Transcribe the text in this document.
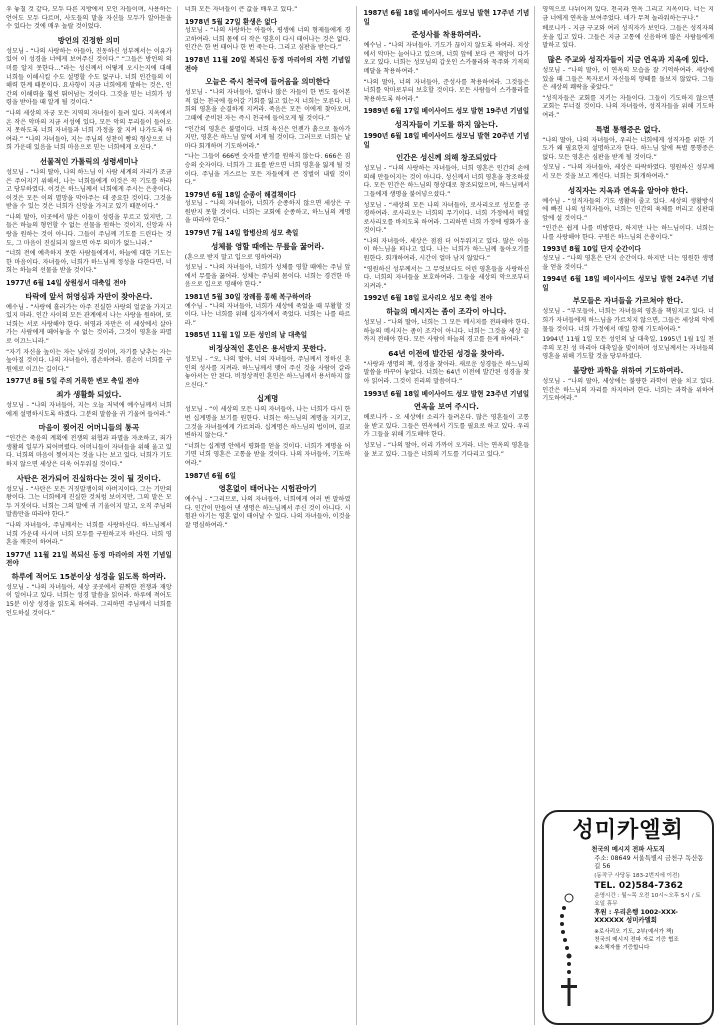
우 놓칠 것 같다, 모두 다른 지방에서 모인 자들이며, 사용하는 언어도 모두 다르며, 사도들의 말을 자신들 모두가 알아듣을 수 있다는 것에 매우 놀랄 것이었다.
방언의 진정한 의미
성모님 - “나의 사랑하는 아들아, 진동하신 성부께서는 이유가 있어 이 성경을 너에게 보여주신 것이다.” “그들은 방언의 의미를 알지 못한다…”라는 성신께서 어떻게 오시는지에 대해 너희들 이해시킬 수도 설명할 수도 없구나. 너희 인간들의 이해력 한계 때문이다. 요사항이 지금 너희에게 말하는 것은, 인간의 이해력을 훨씬 뛰어넘는 것이다. 그것을 믿는 너희가 성령을 받아들 때 알게 될 것이다.”
“나의 세상의 자궁 모든 지역의 자녀들이 들려 있다. 지옥에서 온 작은 악마의 지금 서성에 있다, 모든 악의 무리들이 들어오지 못하도록 너희 자녀들과 너희 가정을 잘 지켜 나가도록 하여라.” “나의 자녀들아, 지는 주님의 성찬이 빵의 형상으로 너희 가운데 있음을 너희 마음으로 믿는 너희에게 오신다.”
선물적인 가톨릭의 성령세미나
성모님 - “나의 딸아, 나의 하느님 이 사람 세계의 자리가 조금은 주어지기 위해서, 나는 너희들에게 이것은 꼭 기도를 하라고 당부하였다. 이것은 하느님께서 너희에게 주시는 은총이다. 이것은 모든 이의 멸망을 막아주는 데 중요한 것이다. 그것을 받을 수 있는 것은 너희가 신앙을 가지고 있기 때문이다.”
“나의 딸아, 이곳에서 많은 이들이 성령을 부르고 있지만, 그들은 하늘의 형언할 수 없는 선물을 원하는 것이지, 신앙과 사랑을 원하는 것이 아니다. 그들이 주님께 기도를 드린다는 것도, 그 마음이 진실되지 않으면 아무 의미가 없느니라.”
“너희 전에 예측하지 못한 사람들에게서, 하늘에 대한 기도는 한 마음이다. 자녀들아, 너희가 하느님께 정성을 다한다면, 너희는 하늘의 선물을 받을 것이다.”
1977년 6월 14일 상원성서 대축일 전야
타락에 앞서 허영심과 자만이 찾아온다.
예수님 - “사랑에 흘러가는 아주 진실한 사랑의 얼굴을 가지고 있지 마라. 인간 사이의 모든 관계에서 나는 사랑을 원하며, 또 너희는 서로 사랑해야 한다. 허영과 자만은 이 세상에서 살아가는 사람에게 떼어놓을 수 없는 것이라, 그것이 영혼을 파멸로 이끄느니라.”
“자기 자신을 높이는 자는 낮아질 것이며, 자기를 낮추는 자는 높아질 것이다. 나의 자녀들아, 겸손하여라. 겸손이 너희를 구원에로 이끄는 길이다.”
1977년 8월 5일 주의 거룩한 변모 축일 전야
죄가 생활화 되었다.
성모님 - “나의 자녀들아, 지는 오늘 저녁에 예수님께서 너희에게 설명하시도록 하겠다. 그분의 말씀을 귀 기울여 들어라.”
마음이 찢어진 어머니들의 통곡
“인간은 죽음의 계획에 전쟁의 위협과 파멸을 자초하고, 죄가 생활의 일부가 되어버렸다. 어머니들이 자녀들을 위해 울고 있다. 너희의 마음이 찢어지는 것을 나는 보고 있다. 너희가 기도하지 않으면 세상은 더욱 어두워질 것이다.”
사탄은 전가되어 진실하다는 것이 될 것이다.
성모님 - “사탄은 모든 거짓말쟁이의 아버지이다. 그는 기만의 왕이다. 그는 너희에게 진실한 것처럼 보이지만, 그의 말은 모두 거짓이다. 너희는 그의 말에 귀 기울이지 말고, 오직 주님의 말씀만을 따라야 한다.”
“나의 자녀들아, 주님께서는 너희를 사랑하신다. 하느님께서 너희 가운데 사시며 너희 모두를 구원하고자 하신다. 너희 영혼을 깨끗이 하여라.”
1977년 11월 21일 복되신 동정 마리아의 자헌 기념일 전야
하루에 적어도 15분이상 성경을 읽도록 하여라.
성모님 - “나의 자녀들아, 세상 곳곳에서 끔찍한 전쟁과 재앙이 일어나고 있다. 너희는 성경 말씀을 읽어라. 하루에 적어도 15분 이상 성경을 읽도록 하여라. 그리하면 주님께서 너희를 인도하실 것이다.”
너희 모든 자녀들이 큰 값을 배우고 있다.”
1978년 5월 27일 환생은 없다
성모님 - “나의 사랑하는 아들아, 평생에 너의 형제들에게 경고하여라. 너희 몸에 더 작은 영혼이 다시 태어나는 것은 없다. 인간은 한 번 태어나 한 번 죽는다. 그리고 심판을 받는다.”
1978년 11월 20일 복되신 동정 마리아의 자헌 기념일 전야
오늘은 즉시 천국에 들어옴을 의미한다
성모님 - “나의 자녀들아, 얼마나 많은 자들이 한 번도 들어본 적 없는 천국에 들어갈 기회를 잃고 있는지 너희는 모른다. 너희의 영혼을 순결하게 지켜라. 죽음은 모든 이에게 찾아오며, 그때에 준비된 자는 즉시 천국에 들어오게 될 것이다.”
“인간의 영혼은 불멸이다. 너희 육신은 언젠가 흙으로 돌아가지만, 영혼은 하느님 앞에 서게 될 것이다. 그러므로 너희는 날마다 회개하며 기도하여라.”
“나는 그들이 666번 숫자를 받기를 원하지 않는다. 666은 짐승의 숫자이다. 너희가 그 표를 받으면 너희 영혼을 잃게 될 것이다. 주님을 거스르는 모든 자들에게 큰 징벌이 내릴 것이다.”
1979년 6월 18일 순종이 해결책이다
성모님 - “나의 자녀들아, 너희가 순종하지 않으면 세상은 구원받지 못할 것이다. 너희는 교회에 순종하고, 하느님의 계명을 따라야 한다.”
1979년 7월 14일 합병산의 성모 축일
성체를 영할 때에는 무릎을 꿇어라.
(혼으로 받지 말고 입으로 영하여라)
성모님 - “나의 자녀들아, 너희가 성체를 영할 때에는 주님 앞에서 무릎을 꿇어라. 성체는 주님의 몸이다. 너희는 경건한 마음으로 입으로 영해야 한다.”
1981년 5월 30일 장례를 통해 복구하여라
예수님 - “나의 자녀들아, 너희가 세상에 죽었을 때 부활할 것이다. 나는 너희를 위해 십자가에서 죽었다. 너희는 나를 따르라.”
1985년 11월 1일 모든 성인의 날 대축일
비정상적인 혼인은 용서받지 못한다.
성모님 - “오, 나의 딸아, 너의 자녀들아, 주님께서 정하신 혼인의 성사를 지켜라. 하느님께서 맺어 주신 것을 사람이 갈라놓아서는 안 된다. 비정상적인 혼인은 하느님께서 용서하지 않으신다.”
십계명
성모님 - “이 세상의 모든 나의 자녀들아, 나는 너희가 다시 한번 십계명을 보기를 원한다. 너희는 하느님의 계명을 지키고, 그것을 자녀들에게 가르쳐라. 십계명은 하느님의 법이며, 결코 변하지 않는다.”
“너희는 십계명 안에서 평화를 얻을 것이다. 너희가 계명을 어기면 너희 영혼은 고통을 받을 것이다. 나의 자녀들아, 기도하여라.”
1987년 6월 6일
영혼없이 태어나는 시험관아기
예수님 - “그리므로, 나의 자녀들아, 너희에게 여러 번 말하였다. 인간이 만들어 낸 생명은 하느님께서 주신 것이 아니다. 시험관 아기는 영혼 없이 태어날 수 있다. 나의 자녀들아, 이것을 잘 명심하여라.”
1987년 6월 18일 베이사이드 성모님 발현 17주년 기념일
준성사를 착용하여라.
예수님 - “나의 자녀들아. 기도가 끊이지 않도록 하여라. 지상에서 악마는 늘어나고 있으며, 너희 앞에 보다 큰 재앙이 다가오고 있다. 너희는 성모님의 갑옷인 스카풀라와 묵주와 기적의 메달을 착용하여라.”
“나의 딸아, 너의 자녀들아, 준성사를 착용하여라. 그것들은 너희를 악마로부터 보호할 것이다. 모든 사람들이 스카풀라를 착용하도록 하여라.”
1989년 6월 17일 베이사이드 성모 발현 19주년 기념일
성직자들이 기도를 하지 않는다.
1990년 6월 18일 베이사이드 성모님 발현 20주년 기념일
인간은 성신께 의해 창조되었다
성모님 - “나의 사랑하는 자녀들아, 너희 영혼은 인간의 손에 의해 만들어지는 것이 아니다. 성신께서 너희 영혼을 창조하셨다. 모든 인간은 하느님의 형상대로 창조되었으며, 하느님께서 그들에게 생명을 불어넣으셨다.”
성모님 - “세상의 모든 나의 자녀들아, 로사리오로 성모를 공경하여라. 로사리오는 너희의 무기이다. 너희 가정에서 매일 로사리오를 바치도록 하여라. 그리하면 너희 가정에 평화가 올 것이다.”
“나의 자녀들아, 세상은 점점 더 어두워지고 있다. 많은 이들이 하느님을 떠나고 있다. 나는 너희가 하느님께 돌아오기를 원한다. 회개하여라, 시간이 얼마 남지 않았다.”
“영원하신 성부께서는 그 무엇보다도 어린 영혼들을 사랑하신다. 너희의 자녀들을 보호하여라. 그들을 세상의 악으로부터 지켜라.”
1992년 6월 18일 로사리오 성모 축일 전야
하늘의 메시지는 좀이 조각이 아니다.
성모님 - “나의 딸아, 너희는 그 모든 메시지를 전파해야 한다. 하늘의 메시지는 좀이 조각이 아니다. 너희는 그것을 세상 끝까지 전해야 한다. 모든 사람이 하늘의 경고를 듣게 하여라.”
64년 이전에 발간된 성경을 찾아라.
“사랑과 생명의 책, 성경을 찾아라. 새로운 성경들은 하느님의 말씀을 바꾸어 놓았다. 너희는 64년 이전에 발간된 성경을 찾아 읽어라. 그것이 진리의 말씀이다.”
1993년 6월 18일 베이사이드 성모 발현 23주년 기념일
연옥을 보여 주시다.
베로니카 - 오 세상에! 소리가 들려온다. 많은 영혼들이 고통을 받고 있다. 그들은 연옥에서 기도를 필요로 하고 있다. 우리가 그들을 위해 기도해야 한다.
성모님 - “나의 딸아, 이리 가까이 오거라. 너는 연옥의 영혼들을 보고 있다. 그들은 너희의 기도를 기다리고 있다.”
영역으로 나뉘어져 있다. 천국과 연옥 그리고 지옥이다. 너는 지금 너에게 연옥을 보여주었다. 네가 무척 놀라워하는구나.”
베로니카 - 지금 구교와 여러 성직자가 보인다. 그들은 성직자의 옷을 입고 있다. 그들은 지금 고통에 신음하며 많은 사람들에게 말하고 있다.
많은 주교와 성직자들이 지금 연옥과 지옥에 있다.
성모님 - “나의 딸아, 이 연옥의 모습을 잘 기억하여라. 세상에 있을 때 그들은 목자로서 자신들의 양떼를 돌보지 않았다. 그들은 세상의 쾌락을 좇았다.”
“성직자들은 교회를 지키는 자들이다. 그들이 기도하지 않으면 교회는 무너질 것이다. 나의 자녀들아, 성직자들을 위해 기도하여라.”
특별 통행증은 없다.
“나의 딸아, 나의 자녀들아, 우리는 너희에게 성직자를 위한 기도가 왜 필요한지 설명하고자 한다. 하느님 앞에 특별 통행증은 없다. 모든 영혼은 심판을 받게 될 것이다.”
성모님 - “나의 자녀들아, 세상은 타락하였다. 영원하신 성부께서 모든 것을 보고 계신다. 너희는 회개하여라.”
성직자는 지옥과 연옥을 알아야 한다.
예수님 - “성직자들의 기도 생활이 줄고 있다. 세상의 생활방식에 빠진 나의 성직자들아, 너희는 인간의 육체를 버리고 심판대 앞에 설 것이다.”
“인간은 쉽게 나를 비방한다, 하지만 나는 하느님이다. 너희는 나를 사랑해야 한다. 구원은 하느님의 은총이다.”
1993년 8월 10일 단지 순간이다
성모님 - “나의 영혼은 단지 순간이다. 하지만 너는 영원한 생명을 얻을 것이다.”
1994년 6월 18일 베이사이드 성모님 발현 24주년 기념일
부모들은 자녀들을 가르쳐야 한다.
성모님 - “부모들아, 너희는 자녀들의 영혼을 책임지고 있다. 너희가 자녀들에게 하느님을 가르치지 않으면, 그들은 세상의 악에 물들 것이다. 너희 가정에서 매일 함께 기도하여라.”
1994년 11월 1일 모든 성인의 날 대축일, 1995년 1월 1일 천주의 모친 성 마리아 대축일을 맞이하며 성모님께서는 자녀들의 영혼을 위해 기도할 것을 당부하셨다.
불량한 과학을 위하여 기도하여라.
성모님 - “나의 딸아, 세상에는 불량한 과학이 판을 치고 있다. 인간은 하느님의 자리를 차지하려 한다. 너희는 과학을 위하여 기도하여라.”
성미카엘회
천국의 메시지 전파 사도직
주소: 08649 서울특별시 금천구 독산동길 56
(동작구 사당동 183-2번지에 이전)
TEL. 02)584-7362
운영시간 : 월~목 오전 10시~오후 5시 / 토요일 휴무
후원 : 우리은행 1002-XXX-XXXXXX 성미카엘회
※로사리오 기도, 2부(예서가 책)
천국의 메시지 전파 자료 기증 협조
※소책자를 기증합니다
